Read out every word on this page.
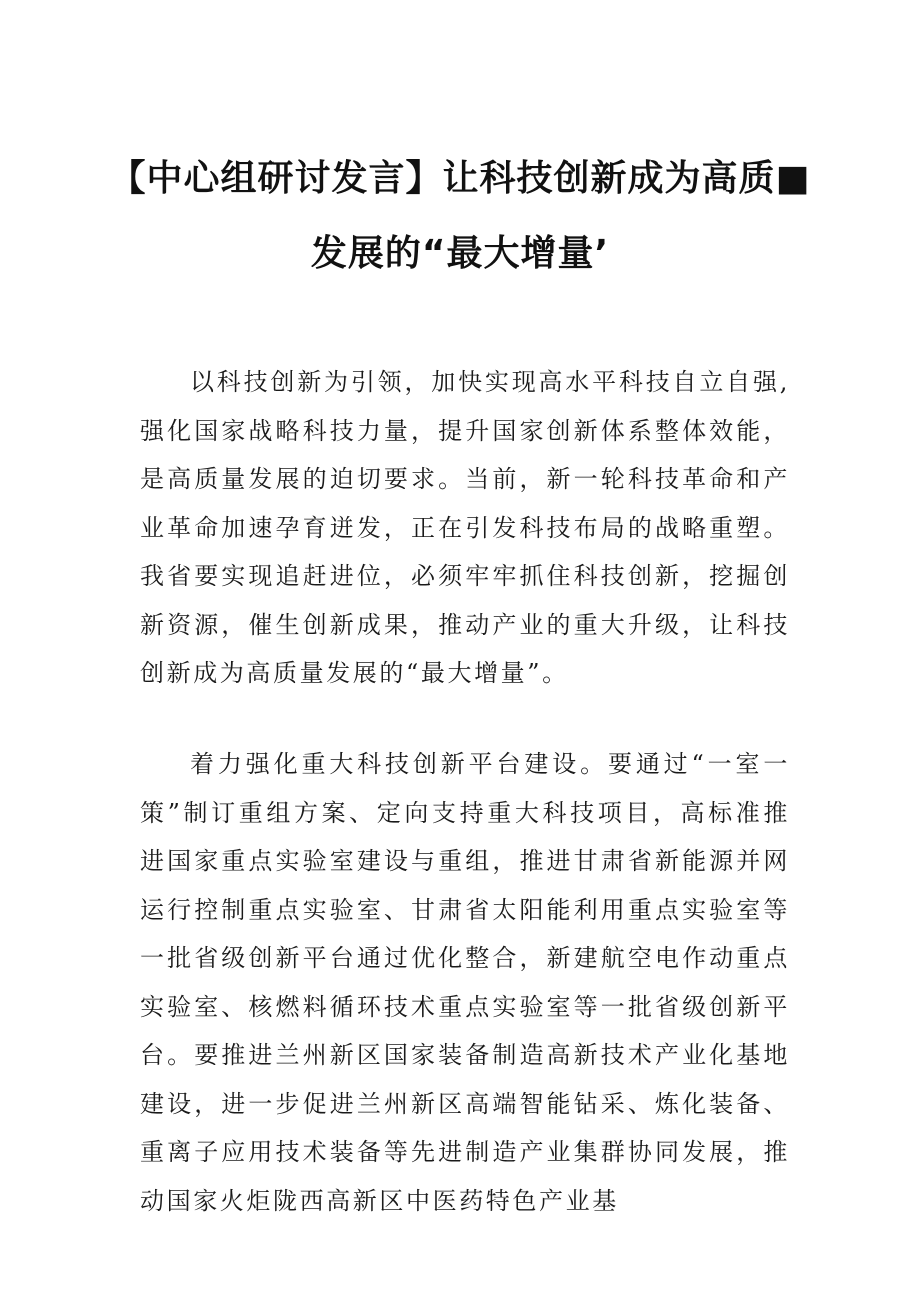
【中心组研讨发言】让科技创新成为高质■
发展的“最大增量’

以科技创新为引领，加快实现高水平科技自立自强,强化国家战略科技力量，提升国家创新体系整体效能，是高质量发展的迫切要求。当前，新一轮科技革命和产业革命加速孕育迸发，正在引发科技布局的战略重塑。我省要实现追赶进位，必须牢牢抓住科技创新，挖掘创新资源，催生创新成果，推动产业的重大升级，让科技创新成为高质量发展的“最大增量”。

着力强化重大科技创新平台建设。要通过“一室一策”制订重组方案、定向支持重大科技项目，高标准推进国家重点实验室建设与重组，推进甘肃省新能源并网运行控制重点实验室、甘肃省太阳能利用重点实验室等一批省级创新平台通过优化整合，新建航空电作动重点实验室、核燃料循环技术重点实验室等一批省级创新平台。要推进兰州新区国家装备制造高新技术产业化基地建设，进一步促进兰州新区高端智能钻采、炼化装备、重离子应用技术装备等先进制造产业集群协同发展，推动国家火炬陇西高新区中医药特色产业基
